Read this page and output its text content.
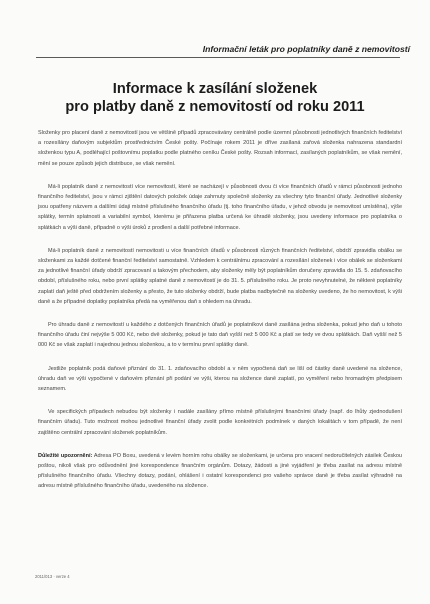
Informační leták pro poplatníky daně z nemovitostí
Informace k zasílání složenek
pro platby daně z nemovitostí od roku 2011

Složenky pro placení daně z nemovitostí jsou ve většině případů zpracovávány centrálně podle územní působnosti jednotlivých finančních ředitelství a rozesílány daňovým subjektům prostřednictvím České pošty. Počínaje rokem 2011 je dříve zasílaná zařová složenka nahrazena standardní složenkou typu A, podléhající poštovnímu poplatku podle platného ceníku České pošty. Rozsah informací, zasílaných poplatníkům, se však nemění, mění se pouze způsob jejich distribuce, se však nemění.

Má-li poplatník daně z nemovitostí více nemovitostí, které se nacházejí v působnosti dvou či více finančních úřadů v rámci působnosti jednoho finančního ředitelství, jsou v rámci zjištění datových položek údaje zahrnuty společně složenky za všechny tyto finanční úřady. Jednotlivé složenky jsou opatřeny názvem a dalšími údaji místně příslušného finančního úřadu (tj. toho finančního úřadu, v jehož obvodu je nemovitost umístěna), výše splátky, termín splatnosti a variabilní symbol, kterému je přiřazena platba určená ke úhradě složenky, jsou uvedeny informace pro poplatníka o splátkách a výši daně, případně o výši úroků z prodlení a další potřebné informace.

Má-li poplatník daně z nemovitostí nemovitosti u více finančních úřadů v působnosti různých finančních ředitelství, obdrží zpravidla obálku se složenkami za každé dotčené finanční ředitelství samostatně. Vzhledem k centrálnímu zpracování a rozesílání složenek i více obálek se složenkami za jednotlivé finanční úřady obdrží zpracovaní a takovým přechodem, aby složenky měly být poplatníkům doručeny zpravidla do 15. 5. zdaňovacího období, příslušného roku, nebo první splátky splatné daně z nemovitostí je do 31. 5. příslušného roku. Je proto nevyhnutelné, že některé poplatníky zaplatí daň ještě před obdržením složenky a přesto, že tuto složenky obdrží, bude platba nadbytečně na složenky uvedeno, že ho nemovitost, k výši daně a že případné doplatky poplatníka předá na vyměřenou daň s ohledem na úhradu.

Pro úhradu daně z nemovitostí u každého z dotčených finančních úřadů je poplatníkovi daně zasílána jedna složenka, pokud jeho daň u tohoto finančního úřadu činí nejvýše 5 000 Kč, nebo dvě složenky, pokud je tato daň vyšší než 5 000 Kč a platí se tedy ve dvou splátkách. Daň vyšší než 5 000 Kč se však zaplatí i najednou jednou složenkou, a to v termínu první splátky daně.

Jestliže poplatník podá daňové přiznání do 31. 1. zdaňovacího období a v něm vypočtená daň se liší od částky daně uvedené na složence, úhradu daň ve výši vypočtené v daňovém přiznání při podání ve výši, kterou na složence daně zaplatí, po vyměření nebo hromadným předpisem seznamem.

Ve specifických případech nebudou být složenky i nadále zasílány přímo místně příslušnými finančními úřady (např. do lhůty zjednodušení finančním úřadu). Tuto možnost mohou jednotlivé finanční úřady zvolit podle konkrétních podmínek v daných lokalitách v tom případě, že není zajištěno centrální zpracování složenek poplatníkům.

Důležité upozornění: Adresa PO Boxu, uvedená v levém horním rohu obálky se složenkami, je určena pro vracení nedoručitelných zásilek Českou poštou, nikoli však pro odůvodnění jiné korespondence finančním orgánům. Dotazy, žádosti a jiné vyjádření je třeba zasílat na adresu místně příslušného finančního úřadu. Všechny dotazy, podání, ohlášení i ostatní korespondenci pro vašeho správce daně je třeba zasílat výhradně na adresu místně příslušného finančního úřadu, uvedeného na složence.

2011/013 · verze 4
